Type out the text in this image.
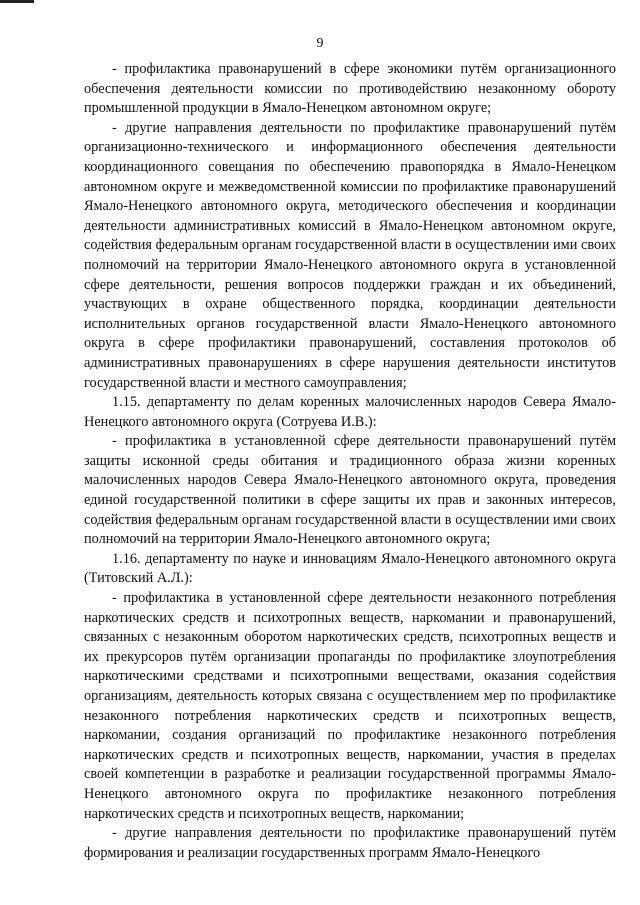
9

- профилактика правонарушений в сфере экономики путём организационного обеспечения деятельности комиссии по противодействию незаконному обороту промышленной продукции в Ямало-Ненецком автономном округе;

- другие направления деятельности по профилактике правонарушений путём организационно-технического и информационного обеспечения деятельности координационного совещания по обеспечению правопорядка в Ямало-Ненецком автономном округе и межведомственной комиссии по профилактике правонарушений Ямало-Ненецкого автономного округа, методического обеспечения и координации деятельности административных комиссий в Ямало-Ненецком автономном округе, содействия федеральным органам государственной власти в осуществлении ими своих полномочий на территории Ямало-Ненецкого автономного округа в установленной сфере деятельности, решения вопросов поддержки граждан и их объединений, участвующих в охране общественного порядка, координации деятельности исполнительных органов государственной власти Ямало-Ненецкого автономного округа в сфере профилактики правонарушений, составления протоколов об административных правонарушениях в сфере нарушения деятельности институтов государственной власти и местного самоуправления;

1.15. департаменту по делам коренных малочисленных народов Севера Ямало-Ненецкого автономного округа (Сотруева И.В.):

- профилактика в установленной сфере деятельности правонарушений путём защиты исконной среды обитания и традиционного образа жизни коренных малочисленных народов Севера Ямало-Ненецкого автономного округа, проведения единой государственной политики в сфере защиты их прав и законных интересов, содействия федеральным органам государственной власти в осуществлении ими своих полномочий на территории Ямало-Ненецкого автономного округа;

1.16. департаменту по науке и инновациям Ямало-Ненецкого автономного округа (Титовский А.Л.):

- профилактика в установленной сфере деятельности незаконного потребления наркотических средств и психотропных веществ, наркомании и правонарушений, связанных с незаконным оборотом наркотических средств, психотропных веществ и их прекурсоров путём организации пропаганды по профилактике злоупотребления наркотическими средствами и психотропными веществами, оказания содействия организациям, деятельность которых связана с осуществлением мер по профилактике незаконного потребления наркотических средств и психотропных веществ, наркомании, создания организаций по профилактике незаконного потребления наркотических средств и психотропных веществ, наркомании, участия в пределах своей компетенции в разработке и реализации государственной программы Ямало-Ненецкого автономного округа по профилактике незаконного потребления наркотических средств и психотропных веществ, наркомании;

- другие направления деятельности по профилактике правонарушений путём формирования и реализации государственных программ Ямало-Ненецкого
